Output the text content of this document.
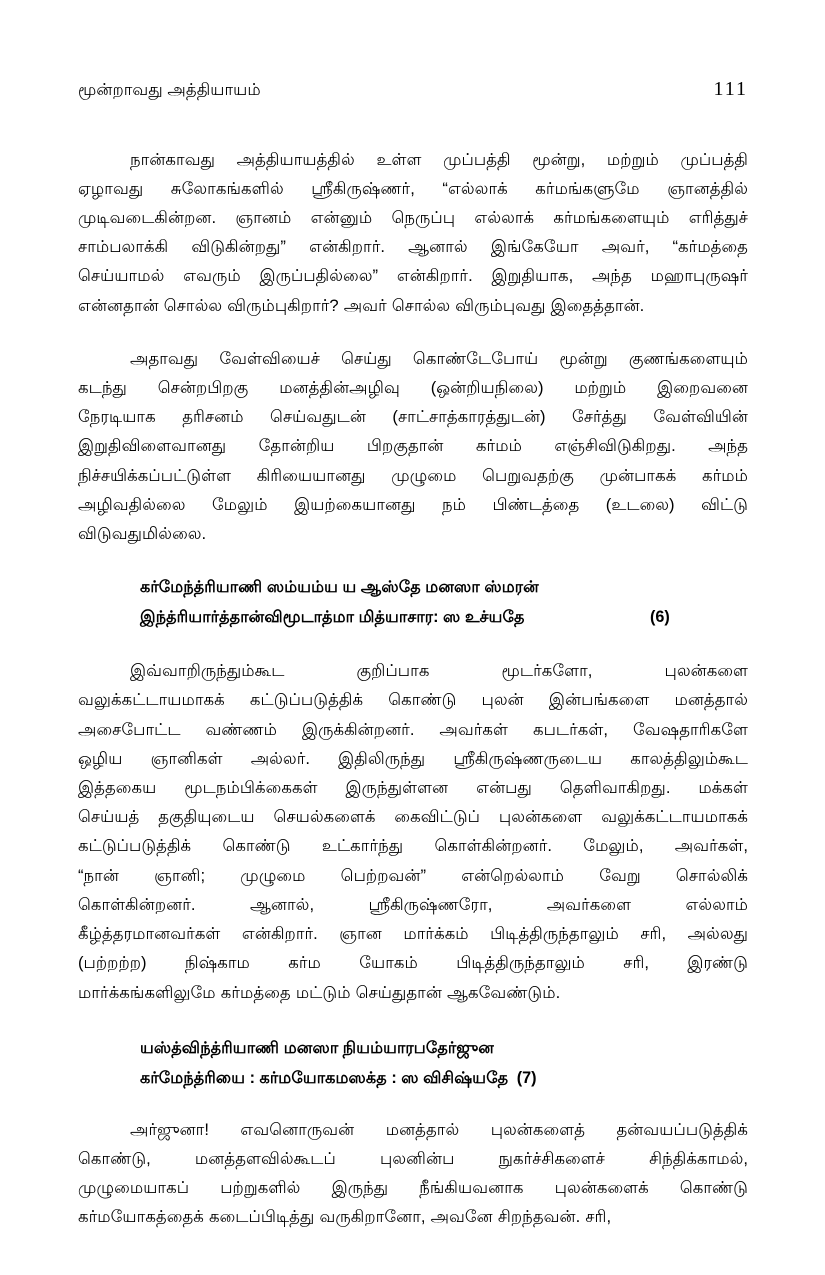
மூன்றாவது அத்தியாயம்	111

நான்காவது அத்தியாயத்தில் உள்ள முப்பத்தி மூன்று, மற்றும் முப்பத்தி
ஏழாவது சுலோகங்களில் ஸ்ரீகிருஷ்ணர், “எல்லாக் கர்மங்களுமே ஞானத்தில்
முடிவடைகின்றன. ஞானம் என்னும் நெருப்பு எல்லாக் கர்மங்களையும் எரித்துச்
சாம்பலாக்கி விடுகின்றது” என்கிறார். ஆனால் இங்கேயோ அவர், “கர்மத்தை
செய்யாமல் எவரும் இருப்பதில்லை” என்கிறார். இறுதியாக, அந்த மஹாபுருஷர்
என்னதான் சொல்ல விரும்புகிறார்? அவர் சொல்ல விரும்புவது இதைத்தான்.

அதாவது வேள்வியைச் செய்து கொண்டேபோய் மூன்று குணங்களையும்
கடந்து சென்றபிறகு மனத்தின்அழிவு (ஒன்றியநிலை) மற்றும் இறைவனை
நேரடியாக தரிசனம் செய்வதுடன் (சாட்சாத்காரத்துடன்) சேர்த்து வேள்வியின்
இறுதிவிளைவானது தோன்றிய பிறகுதான் கர்மம் எஞ்சிவிடுகிறது. அந்த
நிச்சயிக்கப்பட்டுள்ள கிரியையானது முழுமை பெறுவதற்கு முன்பாகக் கர்மம்
அழிவதில்லை மேலும் இயற்கையானது நம் பிண்டத்தை (உடலை) விட்டு
விடுவதுமில்லை.

கர்மேந்த்ரியாணி ஸம்யம்ய ய ஆஸ்தே மனஸா ஸ்மரன்
இந்த்ரியார்த்தான்விமூடாத்மா மித்யாசார: ஸ உச்யதே	(6)

இவ்வாறிருந்தும்கூட குறிப்பாக மூடர்களோ, புலன்களை
வலுக்கட்டாயமாகக் கட்டுப்படுத்திக் கொண்டு புலன் இன்பங்களை மனத்தால்
அசைபோட்ட வண்ணம் இருக்கின்றனர். அவர்கள் கபடர்கள், வேஷதாரிகளே
ஒழிய ஞானிகள் அல்லர். இதிலிருந்து ஸ்ரீகிருஷ்ணருடைய காலத்திலும்கூட
இத்தகைய மூடநம்பிக்கைகள் இருந்துள்ளன என்பது தெளிவாகிறது. மக்கள்
செய்யத் தகுதியுடைய செயல்களைக் கைவிட்டுப் புலன்களை வலுக்கட்டாயமாகக்
கட்டுப்படுத்திக் கொண்டு உட்கார்ந்து கொள்கின்றனர். மேலும், அவர்கள்,
“நான் ஞானி; முழுமை பெற்றவன்” என்றெல்லாம் வேறு சொல்லிக்
கொள்கின்றனர். ஆனால், ஸ்ரீகிருஷ்ணரோ, அவர்களை எல்லாம்
கீழ்த்தரமானவர்கள் என்கிறார். ஞான மார்க்கம் பிடித்திருந்தாலும் சரி, அல்லது
(பற்றற்ற) நிஷ்காம கர்ம யோகம் பிடித்திருந்தாலும் சரி, இரண்டு
மார்க்கங்களிலுமே கர்மத்தை மட்டும் செய்துதான் ஆகவேண்டும்.

யஸ்த்விந்த்ரியாணி மனஸா நியம்யாரபதேர்ஜுன
கர்மேந்த்ரியை : கர்மயோகமஸக்த : ஸ விசிஷ்யதே (7)

அர்ஜுனா! எவனொருவன் மனத்தால் புலன்களைத் தன்வயப்படுத்திக்
கொண்டு, மனத்தளவில்கூடப் புலனின்ப நுகர்ச்சிகளைச் சிந்திக்காமல்,
முழுமையாகப் பற்றுகளில் இருந்து நீங்கியவனாக புலன்களைக் கொண்டு
கர்மயோகத்தைக் கடைப்பிடித்து வருகிறானோ, அவனே சிறந்தவன். சரி,
